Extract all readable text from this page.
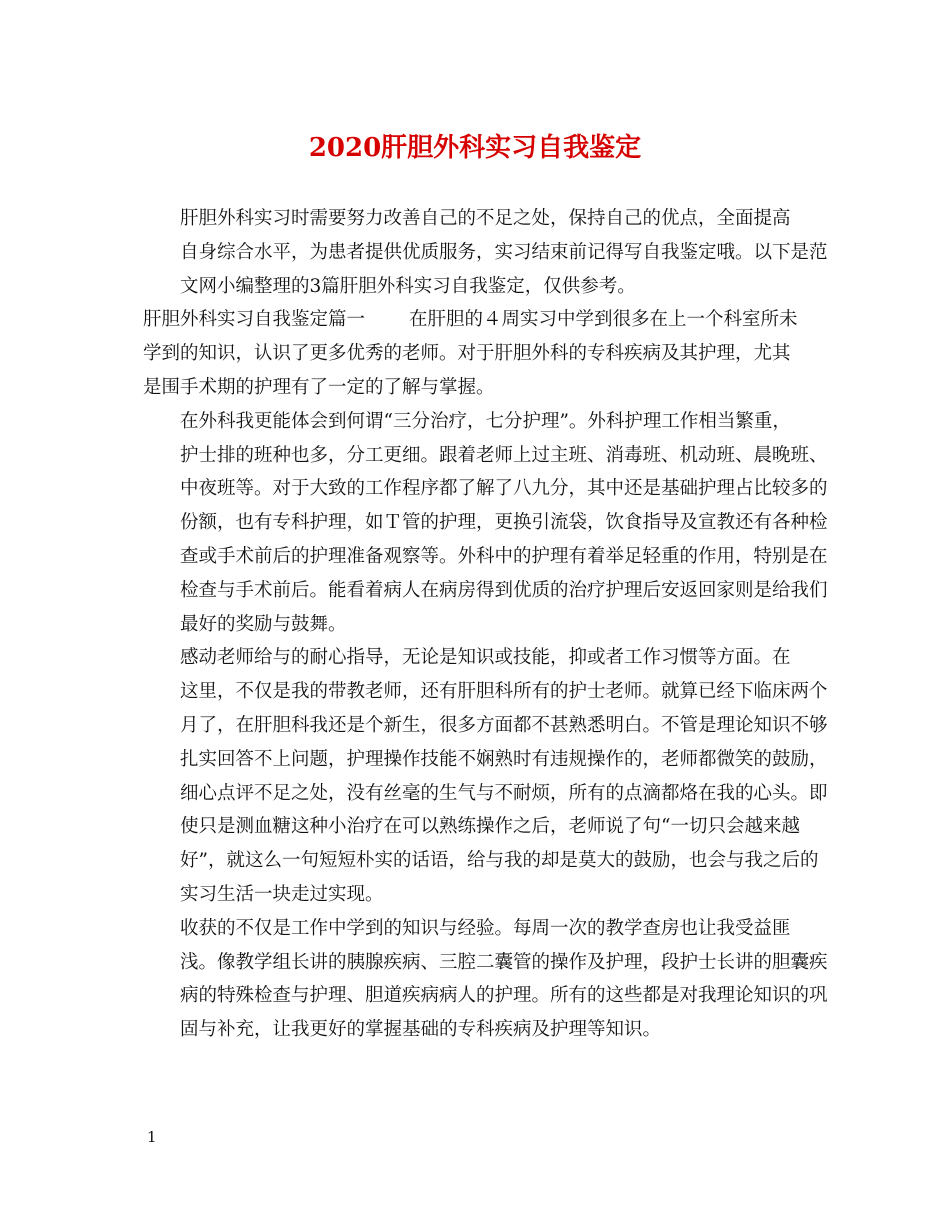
2020肝胆外科实习自我鉴定

肝胆外科实习时需要努力改善自己的不足之处，保持自己的优点，全面提高
自身综合水平，为患者提供优质服务，实习结束前记得写自我鉴定哦。以下是范
文网小编整理的3篇肝胆外科实习自我鉴定，仅供参考。

肝胆外科实习自我鉴定篇一 在肝胆的４周实习中学到很多在上一个科室所未
学到的知识，认识了更多优秀的老师。对于肝胆外科的专科疾病及其护理，尤其
是围手术期的护理有了一定的了解与掌握。

在外科我更能体会到何谓“三分治疗，七分护理”。外科护理工作相当繁重，
护士排的班种也多，分工更细。跟着老师上过主班、消毒班、机动班、晨晚班、
中夜班等。对于大致的工作程序都了解了八九分，其中还是基础护理占比较多的
份额，也有专科护理，如Ｔ管的护理，更换引流袋，饮食指导及宣教还有各种检
查或手术前后的护理准备观察等。外科中的护理有着举足轻重的作用，特别是在
检查与手术前后。能看着病人在病房得到优质的治疗护理后安返回家则是给我们
最好的奖励与鼓舞。

感动老师给与的耐心指导，无论是知识或技能，抑或者工作习惯等方面。在
这里，不仅是我的带教老师，还有肝胆科所有的护士老师。就算已经下临床两个
月了，在肝胆科我还是个新生，很多方面都不甚熟悉明白。不管是理论知识不够
扎实回答不上问题，护理操作技能不娴熟时有违规操作的，老师都微笑的鼓励，
细心点评不足之处，没有丝毫的生气与不耐烦，所有的点滴都烙在我的心头。即
使只是测血糖这种小治疗在可以熟练操作之后，老师说了句“一切只会越来越
好”，就这么一句短短朴实的话语，给与我的却是莫大的鼓励，也会与我之后的
实习生活一块走过实现。

收获的不仅是工作中学到的知识与经验。每周一次的教学查房也让我受益匪
浅。像教学组长讲的胰腺疾病、三腔二囊管的操作及护理，段护士长讲的胆囊疾
病的特殊检查与护理、胆道疾病病人的护理。所有的这些都是对我理论知识的巩
固与补充，让我更好的掌握基础的专科疾病及护理等知识。

1
